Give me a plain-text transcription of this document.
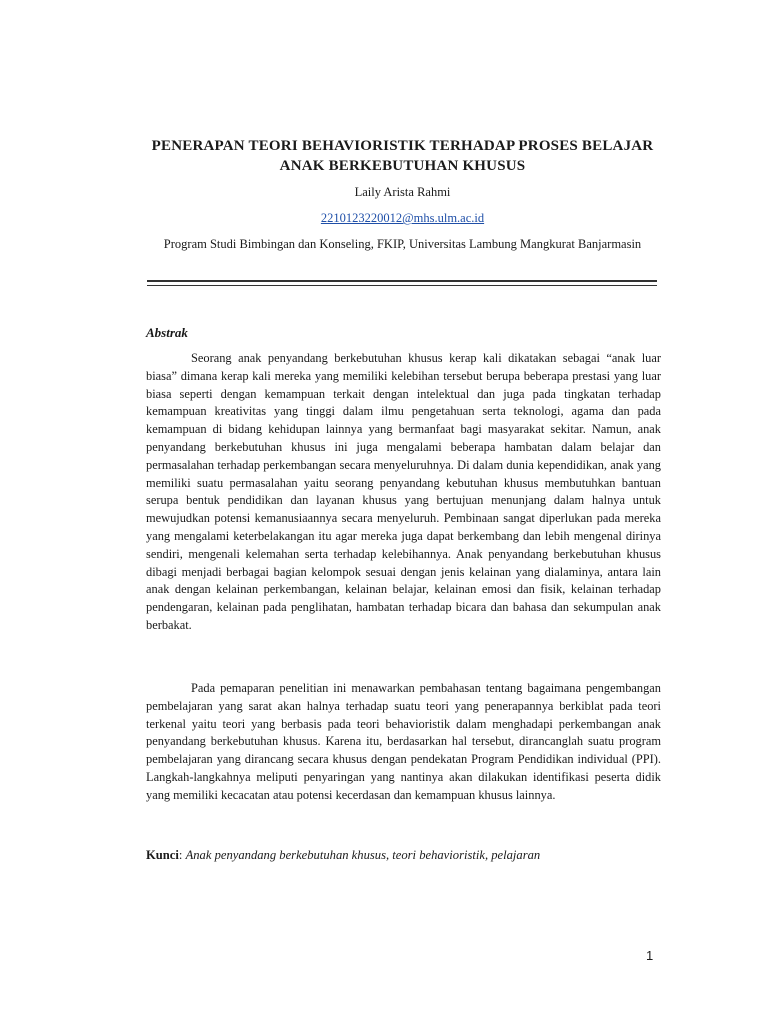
PENERAPAN TEORI BEHAVIORISTIK TERHADAP PROSES BELAJAR
ANAK BERKEBUTUHAN KHUSUS
Laily Arista Rahmi
2210123220012@mhs.ulm.ac.id
Program Studi Bimbingan dan Konseling, FKIP, Universitas Lambung Mangkurat Banjarmasin
Abstrak

Seorang anak penyandang berkebutuhan khusus kerap kali dikatakan sebagai “anak luar biasa” dimana kerap kali mereka yang memiliki kelebihan tersebut berupa beberapa prestasi yang luar biasa seperti dengan kemampuan terkait dengan intelektual dan juga pada tingkatan terhadap kemampuan kreativitas yang tinggi dalam ilmu pengetahuan serta teknologi, agama dan pada kemampuan di bidang kehidupan lainnya yang bermanfaat bagi masyarakat sekitar. Namun, anak penyandang berkebutuhan khusus ini juga mengalami beberapa hambatan dalam belajar dan permasalahan terhadap perkembangan secara menyeluruhnya. Di dalam dunia kependidikan, anak yang memiliki suatu permasalahan yaitu seorang penyandang kebutuhan khusus membutuhkan bantuan serupa bentuk pendidikan dan layanan khusus yang bertujuan menunjang dalam halnya untuk mewujudkan potensi kemanusiaannya secara menyeluruh. Pembinaan sangat diperlukan pada mereka yang mengalami keterbelakangan itu agar mereka juga dapat berkembang dan lebih mengenal dirinya sendiri, mengenali kelemahan serta terhadap kelebihannya. Anak penyandang berkebutuhan khusus dibagi menjadi berbagai bagian kelompok sesuai dengan jenis kelainan yang dialaminya, antara lain anak dengan kelainan perkembangan, kelainan belajar, kelainan emosi dan fisik, kelainan terhadap pendengaran, kelainan pada penglihatan, hambatan terhadap bicara dan bahasa dan sekumpulan anak berbakat.

Pada pemaparan penelitian ini menawarkan pembahasan tentang bagaimana pengembangan pembelajaran yang sarat akan halnya terhadap suatu teori yang penerapannya berkiblat pada teori terkenal yaitu teori yang berbasis pada teori behavioristik dalam menghadapi perkembangan anak penyandang berkebutuhan khusus. Karena itu, berdasarkan hal tersebut, dirancanglah suatu program pembelajaran yang dirancang secara khusus dengan pendekatan Program Pendidikan individual (PPI). Langkah-langkahnya meliputi penyaringan yang nantinya akan dilakukan identifikasi peserta didik yang memiliki kecacatan atau potensi kecerdasan dan kemampuan khusus lainnya.

Kunci: Anak penyandang berkebutuhan khusus, teori behavioristik, pelajaran
1
